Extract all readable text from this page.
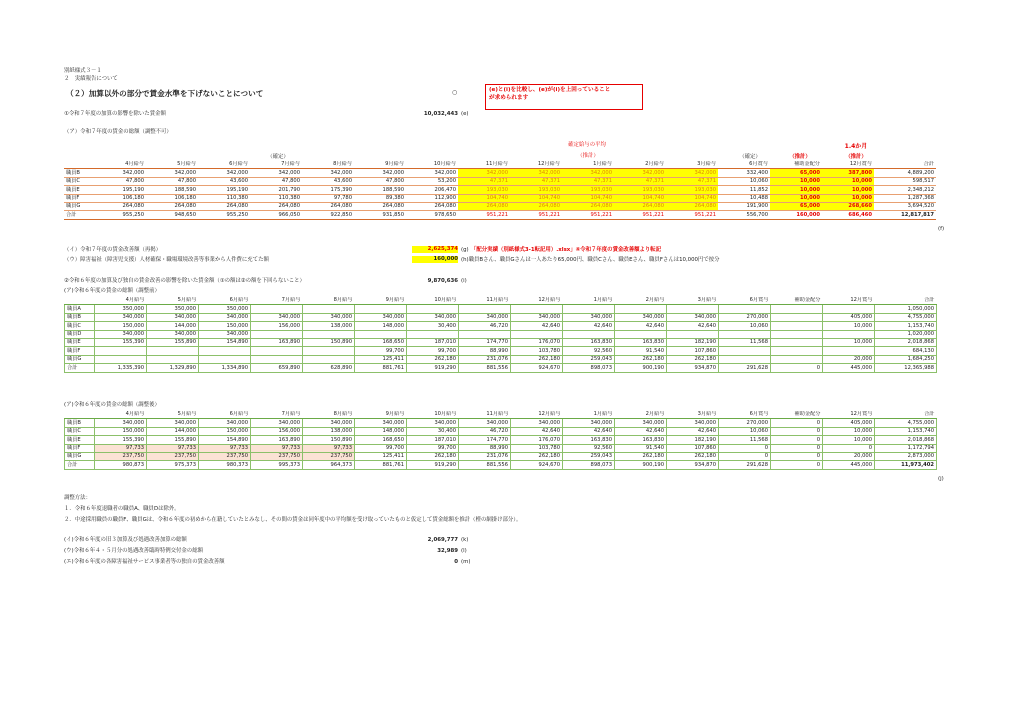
別紙様式３－１
２　実績報告について
（２）加算以外の部分で賃金水準を下げないことについて	○	(e)と(i)を比較し、(e)が(i)を上回っていること
が求められます
①令和７年度の加算の影響を除いた賃金額	10,032,443 (e)
（ア）令和７年度の賃金の総額（調整不可）
（確定）
確定給与の平均
（推計）	（確定）	（推計）
1.4か月
（推計）
	4月給与	5月給与	6月給与	7月給与	8月給与	9月給与	10月給与	11月給与	12月給与	1月給与	2月給与	3月給与	6月賞与	補助金配分	12月賞与	合計
職員B	342,000	342,000	342,000	342,000	342,000	342,000	342,000	342,000	342,000	342,000	342,000	342,000	332,400	65,000	387,800	4,889,200
職員C	47,800	47,800	43,600	47,800	43,600	47,800	53,200	47,371	47,371	47,371	47,371	47,371	10,060	10,000	10,000	598,517
職員E	195,190	188,590	195,190	201,790	175,390	188,590	206,470	193,030	193,030	193,030	193,030	193,030	11,852	10,000	10,000	2,348,212
職員F	106,180	106,180	110,380	110,380	97,780	89,380	112,900	104,740	104,740	104,740	104,740	104,740	10,488	10,000	10,000	1,287,368
職員G	264,080	264,080	264,080	264,080	264,080	264,080	264,080	264,080	264,080	264,080	264,080	264,080	191,900	65,000	268,660	3,694,520
合計	955,250	948,650	955,250	966,050	922,850	931,850	978,650	951,221	951,221	951,221	951,221	951,221	556,700	160,000	686,460	12,817,817
(f)
（イ）令和７年度の賃金改善額（再掲）	2,625,374 (g) 「配分実績（別紙様式3-1転記用）.xlsx」④令和７年度の賃金改善額より転記
（ウ）障害福祉（障害児支援）人材確保・職場環境改善等事業から人件費に充てた額	160,000 (h)職員Bさん、職員Gさんは一人あたり65,000円、職員Cさん、職員Eさん、職員Fさんは10,000円で按分
②令和６年度の加算及び独自の賃金改善の影響を除いた賃金額（①の額は②の額を下回らないこと）	9,870,636 (i)
(ア)令和６年度の賃金の総額（調整前）
	4月給与	5月給与	6月給与	7月給与	8月給与	9月給与	10月給与	11月給与	12月給与	1月給与	2月給与	3月給与	6月賞与	補助金配分	12月賞与	合計
職員A	350,000	350,000	350,000													1,050,000
職員B	340,000	340,000	340,000	340,000	340,000	340,000	340,000	340,000	340,000	340,000	340,000	340,000	270,000		405,000	4,755,000
職員C	150,000	144,000	150,000	156,000	138,000	148,000	30,400	46,720	42,640	42,640	42,640	42,640	10,060		10,000	1,153,740
職員D	340,000	340,000	340,000													1,020,000
職員E	155,390	155,890	154,890	163,890	150,890	168,650	187,010	174,770	176,070	163,830	163,830	182,190	11,568		10,000	2,018,868
職員F						99,700	99,700	88,990	103,780	92,560	91,540	107,860				684,130
職員G						125,411	262,180	231,076	262,180	259,043	262,180	262,180			20,000	1,684,250
合計	1,335,390	1,329,890	1,334,890	659,890	628,890	881,761	919,290	881,556	924,670	898,073	900,190	934,870	291,628	0	445,000	12,365,988
(ア)令和６年度の賃金の総額（調整後）
	4月給与	5月給与	6月給与	7月給与	8月給与	9月給与	10月給与	11月給与	12月給与	1月給与	2月給与	3月給与	6月賞与	補助金配分	12月賞与	合計
職員B	340,000	340,000	340,000	340,000	340,000	340,000	340,000	340,000	340,000	340,000	340,000	340,000	270,000	0	405,000	4,755,000
職員C	150,000	144,000	150,000	156,000	138,000	148,000	30,400	46,720	42,640	42,640	42,640	42,640	10,060	0	10,000	1,153,740
職員E	155,390	155,890	154,890	163,890	150,890	168,650	187,010	174,770	176,070	163,830	163,830	182,190	11,568	0	10,000	2,018,868
職員F	97,733	97,733	97,733	97,733	97,733	99,700	99,700	88,990	103,780	92,560	91,540	107,860	0	0	0	1,172,794
職員G	237,750	237,750	237,750	237,750	237,750	125,411	262,180	231,076	262,180	259,043	262,180	262,180	0	0	20,000	2,873,000
合計	980,873	975,373	980,373	995,373	964,373	881,761	919,290	881,556	924,670	898,073	900,190	934,870	291,628	0	445,000	11,973,402
(j)
調整方法：
１．令和６年度退職者の職員A、職員Dは除外。
２．中途採用職員の職員F、職員Gは、令和６年度の初めから在籍していたとみなし、その間の賃金は同年度中の平均額を受け取っていたものと仮定して賃金総額を推計（橙の網掛け部分）。
(イ)令和６年度の旧３加算及び処遇改善加算の総額	2,069,777 (k)
(ウ)令和６年４・５月分の処遇改善臨時特例交付金の総額	32,989 (l)
(エ)令和６年度の各障害福祉サービス事業者等の独自の賃金改善額	0 (m)
